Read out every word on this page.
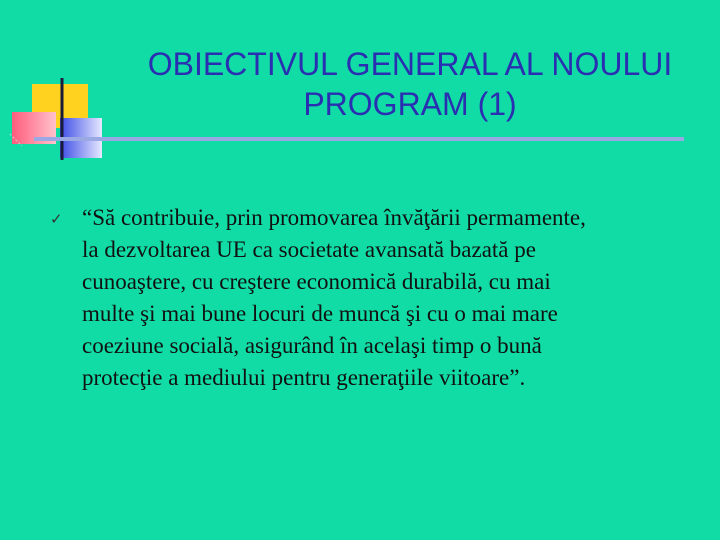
OBIECTIVUL GENERAL AL NOULUI
PROGRAM (1)
✓ “Să contribuie, prin promovarea învăţării permamente,
la dezvoltarea UE ca societate avansată bazată pe
cunoaştere, cu creştere economică durabilă, cu mai
multe şi mai bune locuri de muncă şi cu o mai mare
coeziune socială, asigurând în acelaşi timp o bună
protecţie a mediului pentru generaţiile viitoare”.
